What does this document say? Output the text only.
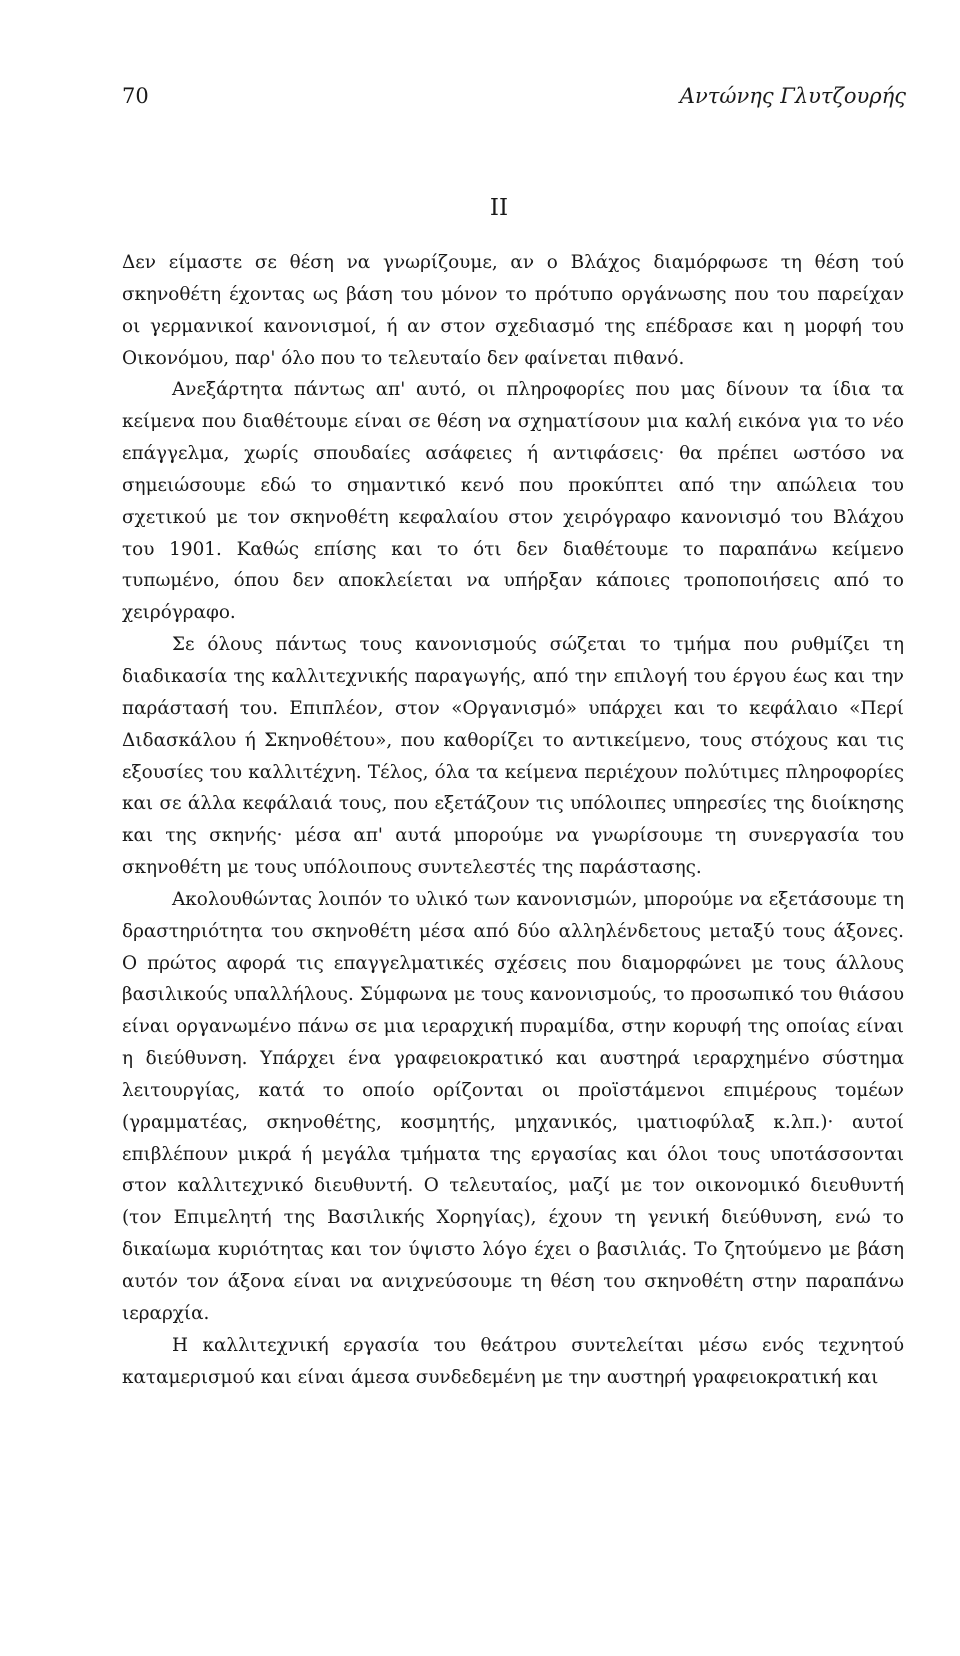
70	Αντώνης Γλυτζουρής
II

Δεν είμαστε σε θέση να γνωρίζουμε, αν ο Βλάχος διαμόρφωσε τη θέση τού σκηνοθέτη έχοντας ως βάση του μόνον το πρότυπο οργάνωσης που του παρείχαν οι γερμανικοί κανονισμοί, ή αν στον σχεδιασμό της επέδρασε και η μορφή του Οικονόμου, παρ' όλο που το τελευταίο δεν φαίνεται πιθανό.

Ανεξάρτητα πάντως απ' αυτό, οι πληροφορίες που μας δίνουν τα ίδια τα κείμενα που διαθέτουμε είναι σε θέση να σχηματίσουν μια καλή εικόνα για το νέο επάγγελμα, χωρίς σπουδαίες ασάφειες ή αντιφάσεις· θα πρέπει ωστόσο να σημειώσουμε εδώ το σημαντικό κενό που προκύπτει από την απώλεια του σχετικού με τον σκηνοθέτη κεφαλαίου στον χειρόγραφο κανονισμό του Βλάχου του 1901. Καθώς επίσης και το ότι δεν διαθέτουμε το παραπάνω κείμενο τυπωμένο, όπου δεν αποκλείεται να υπήρξαν κάποιες τροποποιήσεις από το χειρόγραφο.

Σε όλους πάντως τους κανονισμούς σώζεται το τμήμα που ρυθμίζει τη διαδικασία της καλλιτεχνικής παραγωγής, από την επιλογή του έργου έως και την παράστασή του. Επιπλέον, στον «Οργανισμό» υπάρχει και το κεφάλαιο «Περί Διδασκάλου ή Σκηνοθέτου», που καθορίζει το αντικείμενο, τους στόχους και τις εξουσίες του καλλιτέχνη. Τέλος, όλα τα κείμενα περιέχουν πολύτιμες πληροφορίες και σε άλλα κεφάλαιά τους, που εξετάζουν τις υπόλοιπες υπηρεσίες της διοίκησης και της σκηνής· μέσα απ' αυτά μπορούμε να γνωρίσουμε τη συνεργασία του σκηνοθέτη με τους υπόλοιπους συντελεστές της παράστασης.

Ακολουθώντας λοιπόν το υλικό των κανονισμών, μπορούμε να εξετάσουμε τη δραστηριότητα του σκηνοθέτη μέσα από δύο αλληλένδετους μεταξύ τους άξονες. Ο πρώτος αφορά τις επαγγελματικές σχέσεις που διαμορφώνει με τους άλλους βασιλικούς υπαλλήλους. Σύμφωνα με τους κανονισμούς, το προσωπικό του θιάσου είναι οργανωμένο πάνω σε μια ιεραρχική πυραμίδα, στην κορυφή της οποίας είναι η διεύθυνση. Υπάρχει ένα γραφειοκρατικό και αυστηρά ιεραρχημένο σύστημα λειτουργίας, κατά το οποίο ορίζονται οι προϊστάμενοι επιμέρους τομέων (γραμματέας, σκηνοθέτης, κοσμητής, μηχανικός, ιματιοφύλαξ κ.λπ.)· αυτοί επιβλέπουν μικρά ή μεγάλα τμήματα της εργασίας και όλοι τους υποτάσσονται στον καλλιτεχνικό διευθυντή. Ο τελευταίος, μαζί με τον οικονομικό διευθυντή (τον Επιμελητή της Βασιλικής Χορηγίας), έχουν τη γενική διεύθυνση, ενώ το δικαίωμα κυριότητας και τον ύψιστο λόγο έχει ο βασιλιάς. Το ζητούμενο με βάση αυτόν τον άξονα είναι να ανιχνεύσουμε τη θέση του σκηνοθέτη στην παραπάνω ιεραρχία.

Η καλλιτεχνική εργασία του θεάτρου συντελείται μέσω ενός τεχνητού καταμερισμού και είναι άμεσα συνδεδεμένη με την αυστηρή γραφειοκρατική και
